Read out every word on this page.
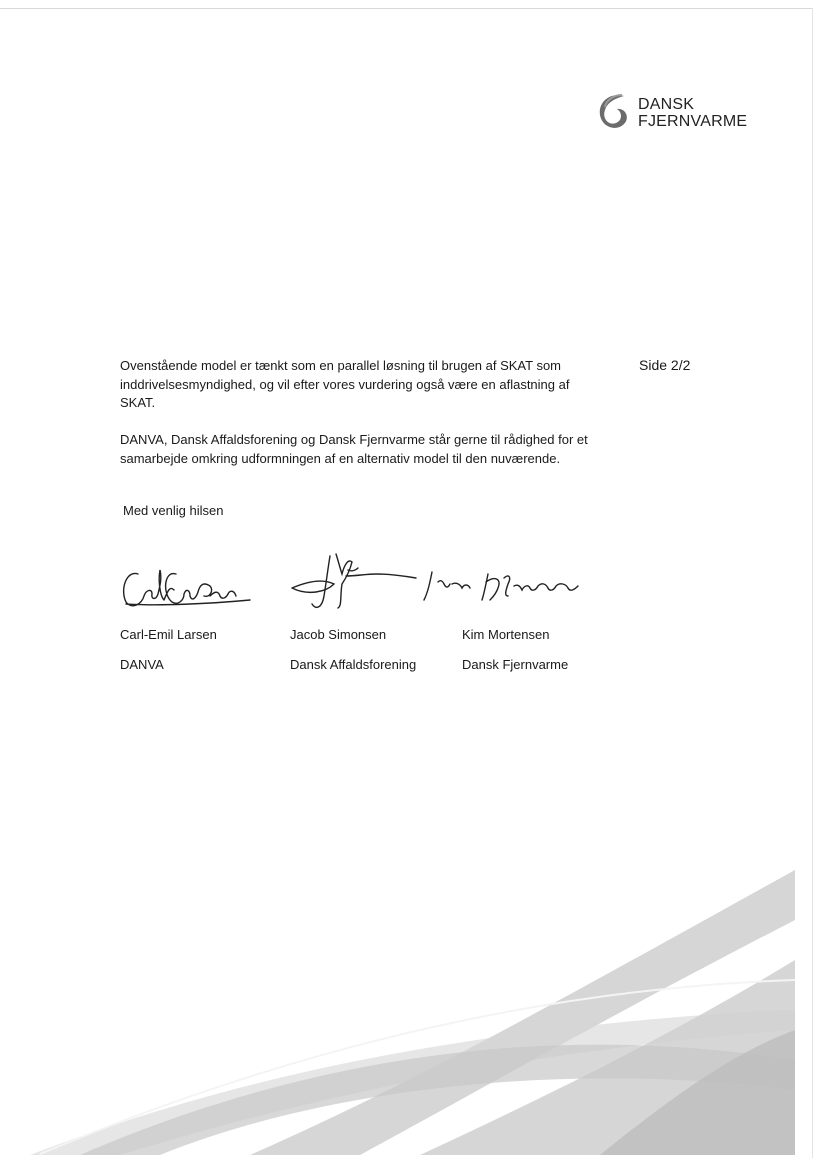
DANSK
FJERNVARME
Side 2/2
Ovenstående model er tænkt som en parallel løsning til brugen af SKAT som inddrivelsesmyndighed, og vil efter vores vurdering også være en aflastning af SKAT.
DANVA, Dansk Affaldsforening og Dansk Fjernvarme står gerne til rådighed for et samarbejde omkring udformningen af en alternativ model til den nuværende.
Med venlig hilsen
Carl-Emil Larsen	Jacob Simonsen	Kim Mortensen
DANVA	Dansk Affaldsforening	Dansk Fjernvarme
